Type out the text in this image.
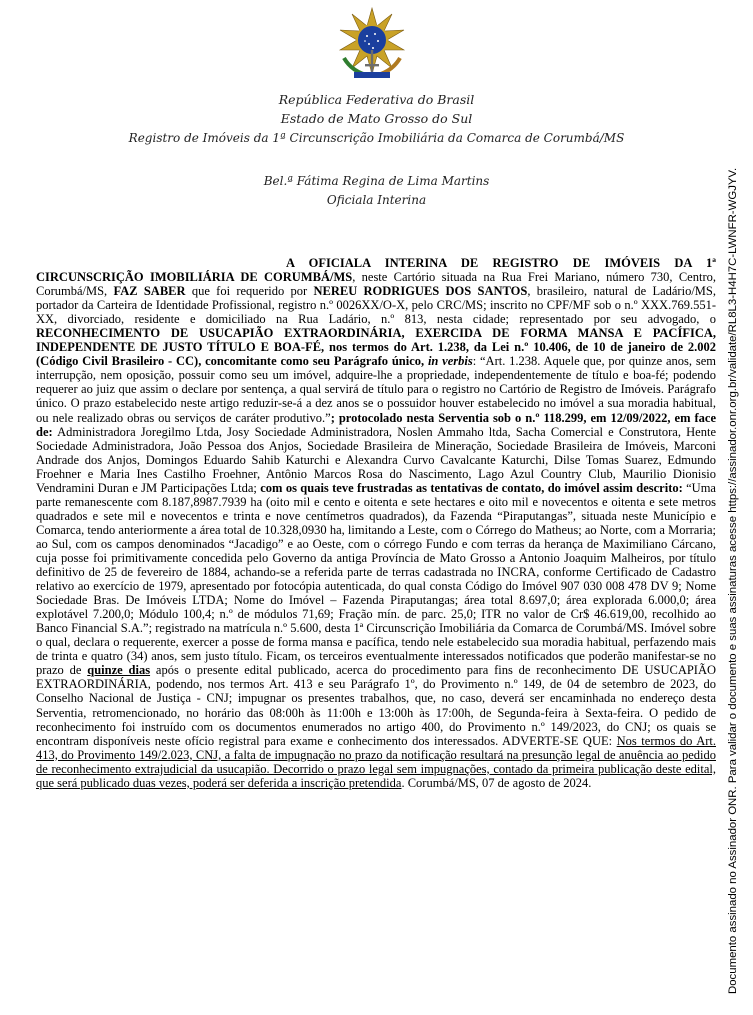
República Federativa do Brasil
Estado de Mato Grosso do Sul
Registro de Imóveis da 1ª Circunscrição Imobiliária da Comarca de Corumbá/MS
Bel.ª Fátima Regina de Lima Martins
Oficiala Interina	Documento assinado no Assinador ONR. Para validar o documento e suas assinaturas acesse https://assinador.onr.org.br/validate/RL8L3-H4H7C-LWNFR-WGJYV.
A OFICIALA INTERINA DE REGISTRO DE IMÓVEIS DA 1ª CIRCUNSCRIÇÃO IMOBILIÁRIA DE CORUMBÁ/MS, neste Cartório situada na Rua Frei Mariano, número 730, Centro, Corumbá/MS, FAZ SABER que foi requerido por NEREU RODRIGUES DOS SANTOS, brasileiro, natural de Ladário/MS, portador da Carteira de Identidade Profissional, registro n.º 0026XX/O-X, pelo CRC/MS; inscrito no CPF/MF sob o n.º XXX.769.551-XX, divorciado, residente e domiciliado na Rua Ladário, n.º 813, nesta cidade; representado por seu advogado, o RECONHECIMENTO DE USUCAPIÃO EXTRAORDINÁRIA, EXERCIDA DE FORMA MANSA E PACÍFICA, INDEPENDENTE DE JUSTO TÍTULO E BOA-FÉ, nos termos do Art. 1.238, da Lei n.º 10.406, de 10 de janeiro de 2.002 (Código Civil Brasileiro - CC), concomitante como seu Parágrafo único, in verbis: “Art. 1.238. Aquele que, por quinze anos, sem interrupção, nem oposição, possuir como seu um imóvel, adquire-lhe a propriedade, independentemente de título e boa-fé; podendo requerer ao juiz que assim o declare por sentença, a qual servirá de título para o registro no Cartório de Registro de Imóveis. Parágrafo único. O prazo estabelecido neste artigo reduzir-se-á a dez anos se o possuidor houver estabelecido no imóvel a sua moradia habitual, ou nele realizado obras ou serviços de caráter produtivo.”; protocolado nesta Serventia sob o n.º 118.299, em 12/09/2022, em face de: Administradora Joregilmo Ltda, Josy Sociedade Administradora, Noslen Ammaho ltda, Sacha Comercial e Construtora, Hente Sociedade Administradora, João Pessoa dos Anjos, Sociedade Brasileira de Mineração, Sociedade Brasileira de Imóveis, Marconi Andrade dos Anjos, Domingos Eduardo Sahib Katurchi e Alexandra Curvo Cavalcante Katurchi, Dilse Tomas Suarez, Edmundo Froehner e Maria Ines Castilho Froehner, Antônio Marcos Rosa do Nascimento, Lago Azul Country Club, Maurilio Dionisio Vendramini Duran e JM Participações Ltda; com os quais teve frustradas as tentativas de contato, do imóvel assim descrito: “Uma parte remanescente com 8.187,8987.7939 ha (oito mil e cento e oitenta e sete hectares e oito mil e novecentos e oitenta e sete metros quadrados e sete mil e novecentos e trinta e nove centímetros quadrados), da Fazenda “Piraputangas”, situada neste Município e Comarca, tendo anteriormente a área total de 10.328,0930 ha, limitando a Leste, com o Córrego do Matheus; ao Norte, com a Morraria; ao Sul, com os campos denominados “Jacadigo” e ao Oeste, com o córrego Fundo e com terras da herança de Maximiliano Cárcano, cuja posse foi primitivamente concedida pelo Governo da antiga Província de Mato Grosso a Antonio Joaquim Malheiros, por título definitivo de 25 de fevereiro de 1884, achando-se a referida parte de terras cadastrada no INCRA, conforme Certificado de Cadastro relativo ao exercício de 1979, apresentado por fotocópia autenticada, do qual consta Código do Imóvel 907 030 008 478 DV 9; Nome Sociedade Bras. De Imóveis LTDA; Nome do Imóvel – Fazenda Piraputangas; área total 8.697,0; área explorada 6.000,0; área explotável 7.200,0; Módulo 100,4; n.º de módulos 71,69; Fração mín. de parc. 25,0; ITR no valor de Cr$ 46.619,00, recolhido ao Banco Financial S.A.”; registrado na matrícula n.º 5.600, desta 1ª Circunscrição Imobiliária da Comarca de Corumbá/MS. Imóvel sobre o qual, declara o requerente, exercer a posse de forma mansa e pacífica, tendo nele estabelecido sua moradia habitual, perfazendo mais de trinta e quatro (34) anos, sem justo título. Ficam, os terceiros eventualmente interessados notificados que poderão manifestar-se no prazo de quinze dias após o presente edital publicado, acerca do procedimento para fins de reconhecimento DE USUCAPIÃO EXTRAORDINÁRIA, podendo, nos termos Art. 413 e seu Parágrafo 1º, do Provimento n.º 149, de 04 de setembro de 2023, do Conselho Nacional de Justiça - CNJ; impugnar os presentes trabalhos, que, no caso, deverá ser encaminhada no endereço desta Serventia, retromencionado, no horário das 08:00h às 11:00h e 13:00h às 17:00h, de Segunda-feira à Sexta-feira. O pedido de reconhecimento foi instruído com os documentos enumerados no artigo 400, do Provimento n.º 149/2023, do CNJ; os quais se encontram disponíveis neste ofício registral para exame e conhecimento dos interessados. ADVERTE-SE QUE: Nos termos do Art. 413, do Provimento 149/2.023, CNJ, a falta de impugnação no prazo da notificação resultará na presunção legal de anuência ao pedido de reconhecimento extrajudicial da usucapião. Decorrido o prazo legal sem impugnações, contado da primeira publicação deste edital, que será publicado duas vezes, poderá ser deferida a inscrição pretendida. Corumbá/MS, 07 de agosto de 2024.
